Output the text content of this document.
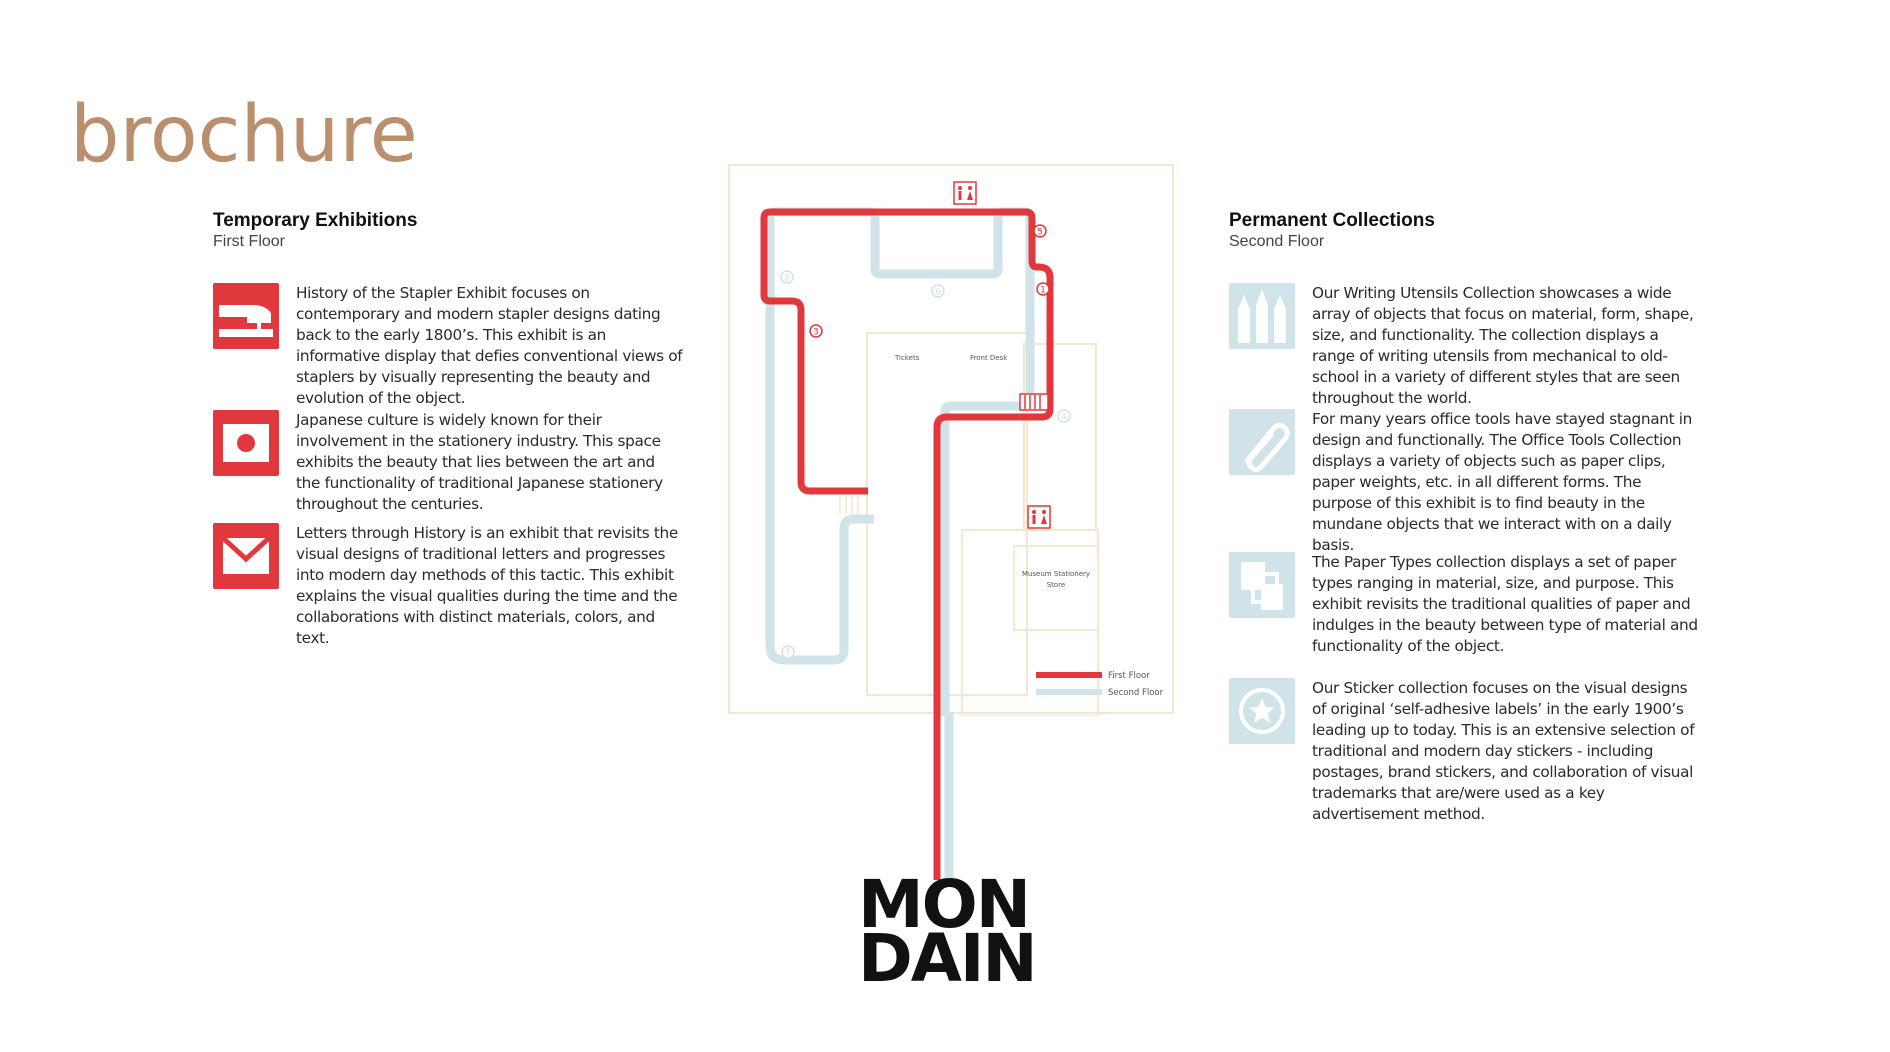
brochure
Temporary Exhibitions
First Floor

History of the Stapler Exhibit focuses on contemporary and modern stapler designs dating back to the early 1800’s. This exhibit is an informative display that defies conventional views of staplers by visually representing the beauty and evolution of the object.

Japanese culture is widely known for their involvement in the stationery industry. This space exhibits the beauty that lies between the art and the functionality of traditional Japanese stationery throughout the centuries.

Letters through History is an exhibit that revisits the visual designs of traditional letters and progresses into modern day methods of this tactic. This exhibit explains the visual qualities during the time and the collaborations with distinct materials, colors, and text.

Permanent Collections
Second Floor

Our Writing Utensils Collection showcases a wide array of objects that focus on material, form, shape, size, and functionality. The collection displays a range of writing utensils from mechanical to old-school in a variety of different styles that are seen throughout the world.

For many years office tools have stayed stagnant in design and functionally. The Office Tools Collection displays a variety of objects such as paper clips, paper weights, etc. in all different forms. The purpose of this exhibit is to find beauty in the mundane objects that we interact with on a daily basis.

The Paper Types collection displays a set of paper types ranging in material, size, and purpose. This exhibit revisits the traditional qualities of paper and indulges in the beauty between type of material and functionality of the object.

Our Sticker collection focuses on the visual designs of original ‘self-adhesive labels’ in the early 1900’s leading up to today. This is an extensive selection of traditional and modern day stickers - including postages, brand stickers, and collaboration of visual trademarks that are/were used as a key advertisement method.

5
1
3
2
6
4
7
Tickets	Front Desk
Museum Stationery
Store
First Floor
Second Floor
MON
DAIN
